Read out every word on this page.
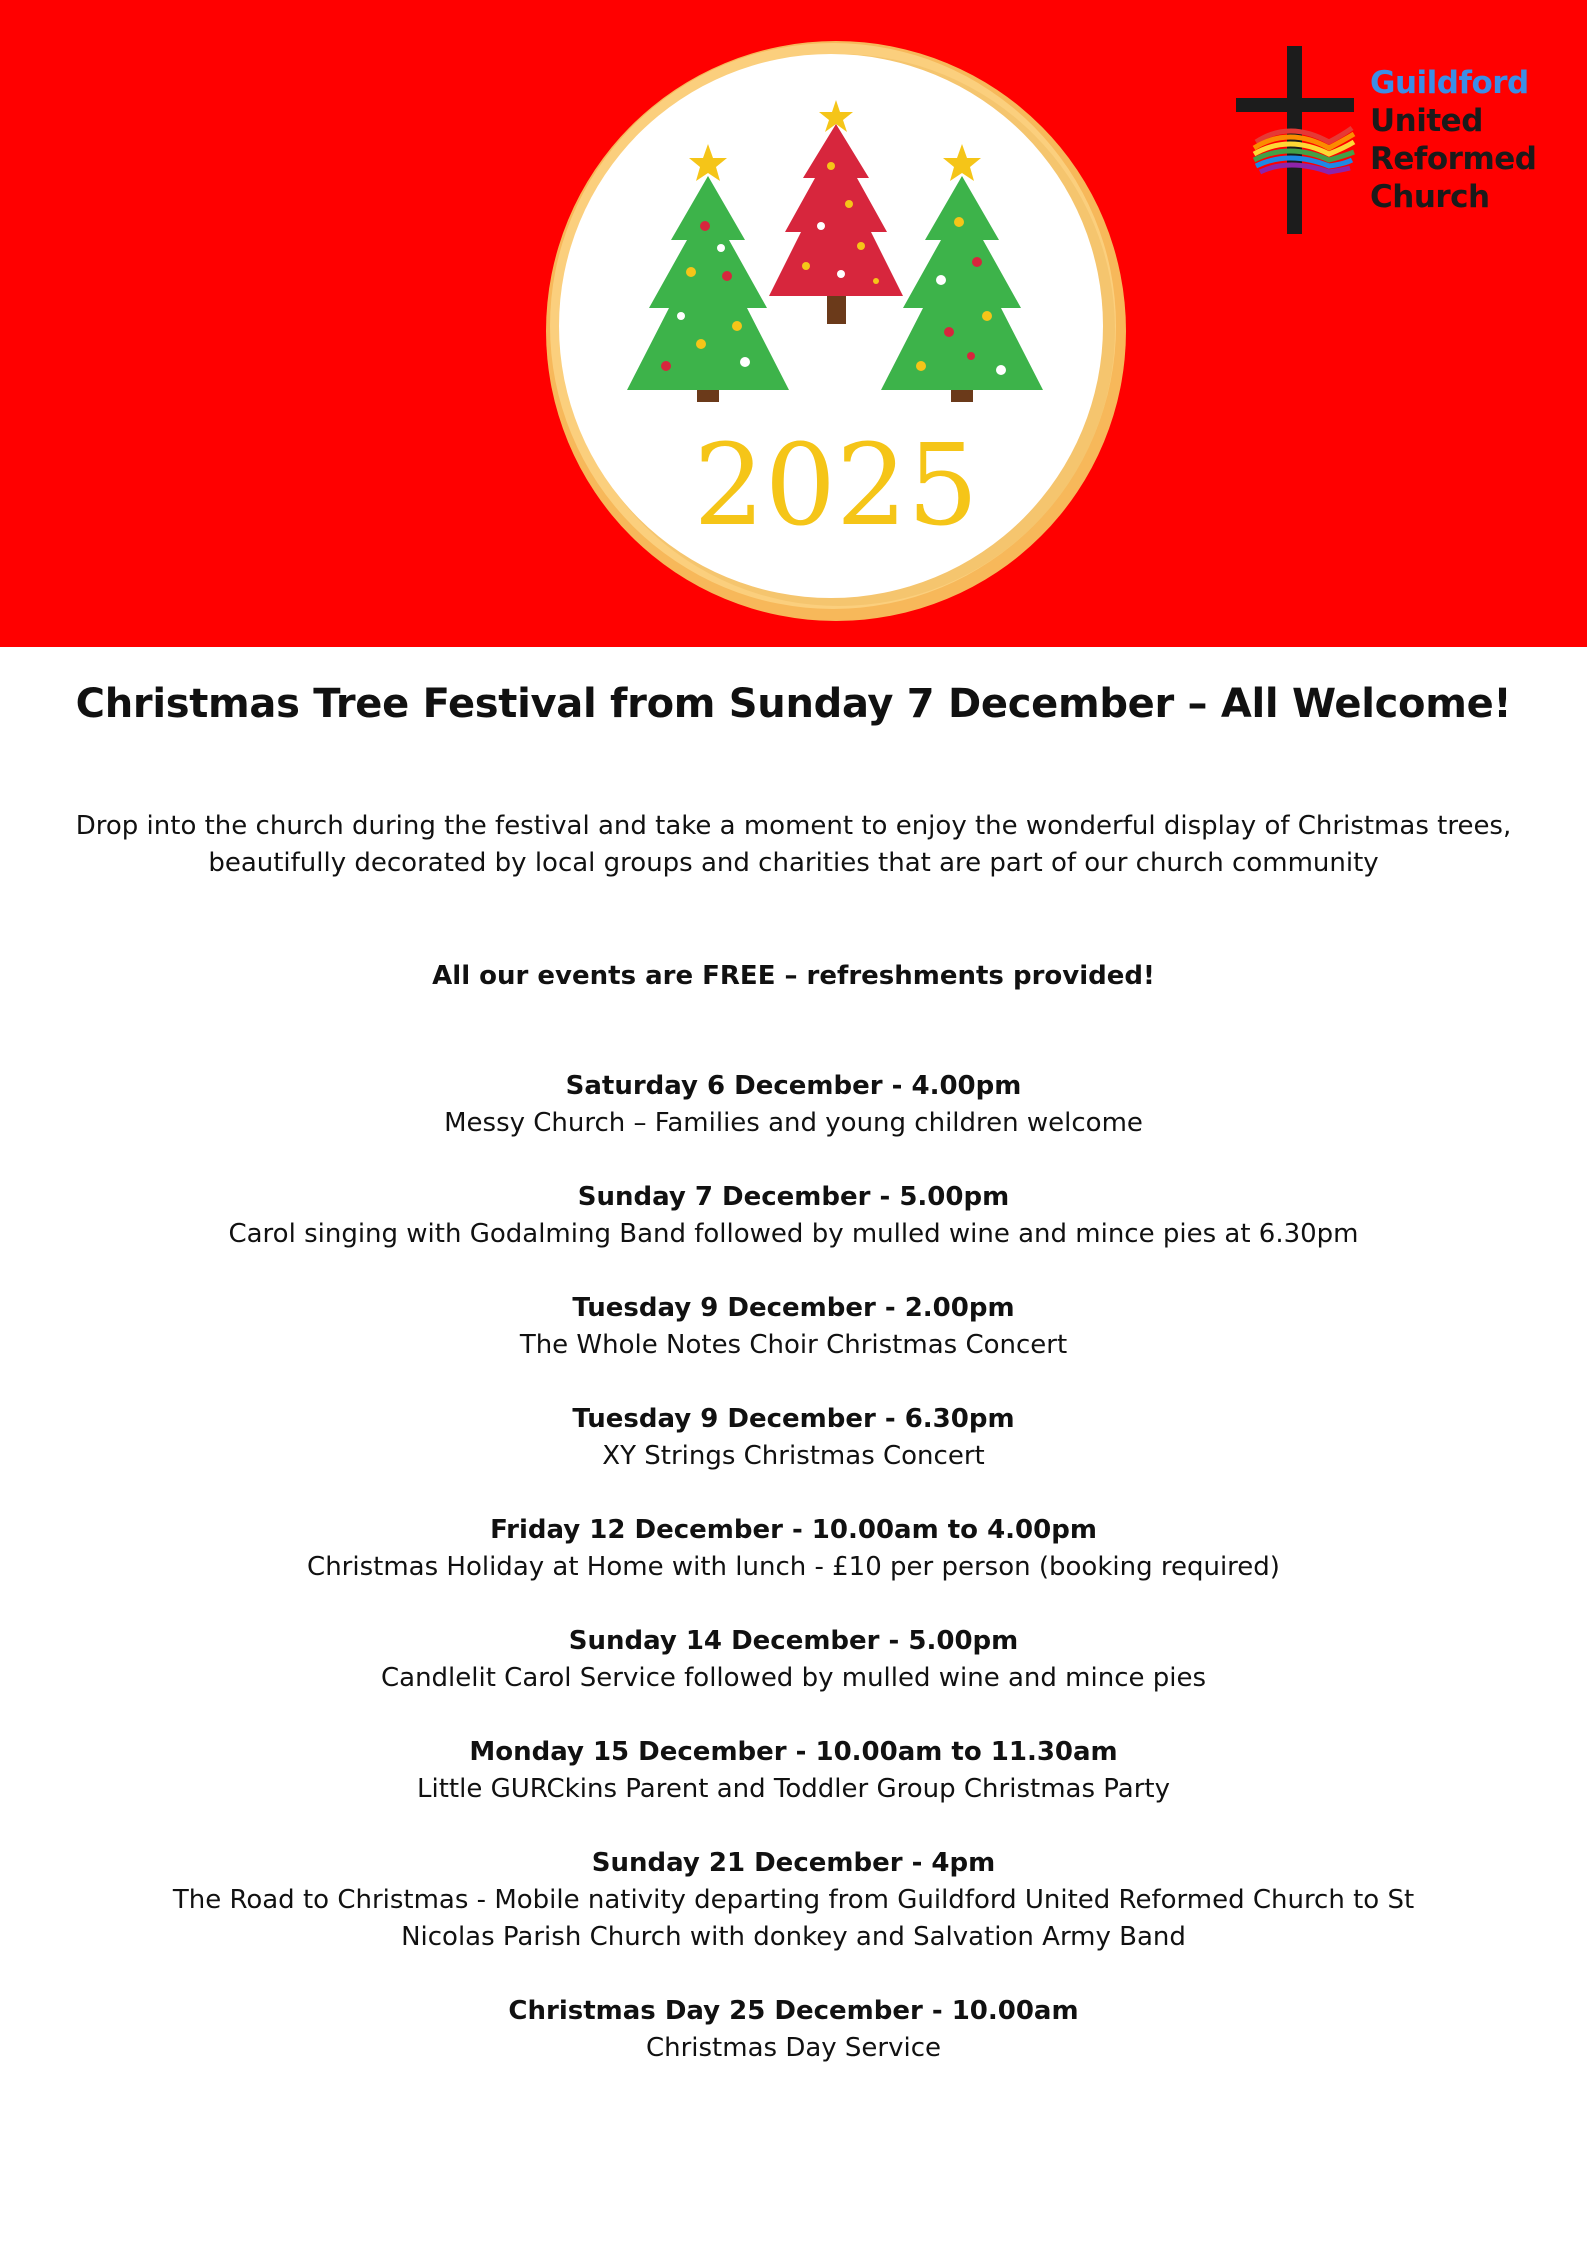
2025
Guildford
United
Reformed
Church
Christmas Tree Festival from Sunday 7 December – All Welcome!
Drop into the church during the festival and take a moment to enjoy the wonderful display of Christmas trees, beautifully decorated by local groups and charities that are part of our church community
All our events are FREE – refreshments provided!
Saturday 6 December - 4.00pm
Messy Church – Families and young children welcome
Sunday 7 December - 5.00pm
Carol singing with Godalming Band followed by mulled wine and mince pies at 6.30pm
Tuesday 9 December - 2.00pm
The Whole Notes Choir Christmas Concert
Tuesday 9 December - 6.30pm
XY Strings Christmas Concert
Friday 12 December - 10.00am to 4.00pm
Christmas Holiday at Home with lunch - £10 per person (booking required)
Sunday 14 December - 5.00pm
Candlelit Carol Service followed by mulled wine and mince pies
Monday 15 December - 10.00am to 11.30am
Little GURCkins Parent and Toddler Group Christmas Party
Sunday 21 December - 4pm
The Road to Christmas - Mobile nativity departing from Guildford United Reformed Church to St Nicolas Parish Church with donkey and Salvation Army Band
Christmas Day 25 December - 10.00am
Christmas Day Service
